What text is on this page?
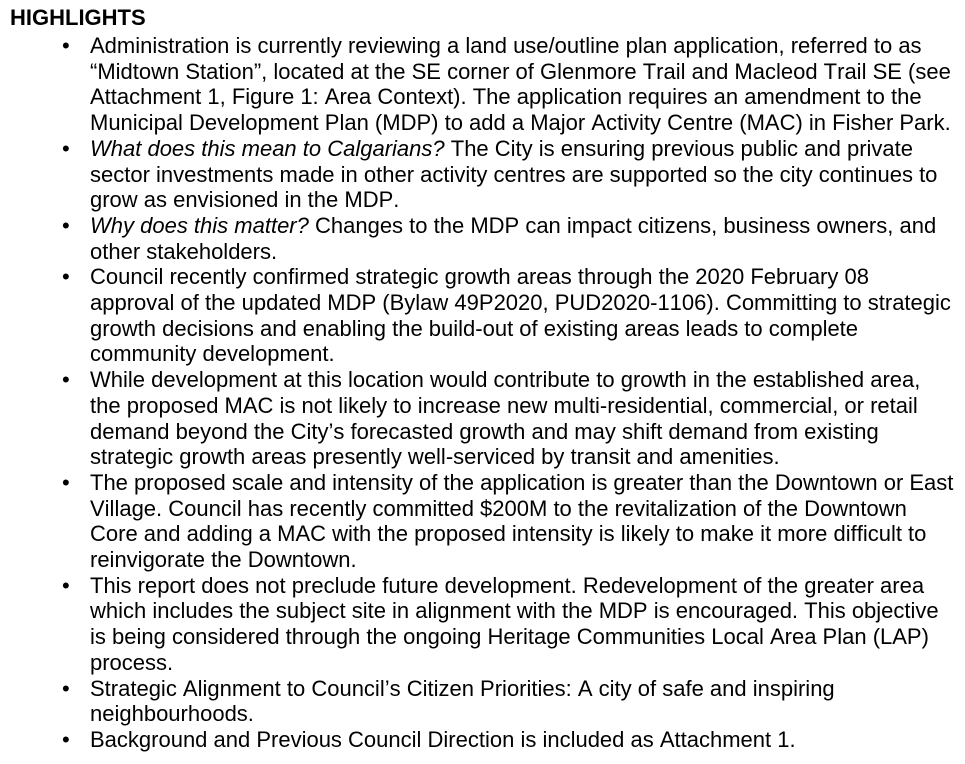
HIGHLIGHTS
• Administration is currently reviewing a land use/outline plan application, referred to as
“Midtown Station”, located at the SE corner of Glenmore Trail and Macleod Trail SE (see
Attachment 1, Figure 1: Area Context). The application requires an amendment to the
Municipal Development Plan (MDP) to add a Major Activity Centre (MAC) in Fisher Park.
• What does this mean to Calgarians? The City is ensuring previous public and private
sector investments made in other activity centres are supported so the city continues to
grow as envisioned in the MDP.
• Why does this matter? Changes to the MDP can impact citizens, business owners, and
other stakeholders.
• Council recently confirmed strategic growth areas through the 2020 February 08
approval of the updated MDP (Bylaw 49P2020, PUD2020-1106). Committing to strategic
growth decisions and enabling the build-out of existing areas leads to complete
community development.
• While development at this location would contribute to growth in the established area,
the proposed MAC is not likely to increase new multi-residential, commercial, or retail
demand beyond the City’s forecasted growth and may shift demand from existing
strategic growth areas presently well-serviced by transit and amenities.
• The proposed scale and intensity of the application is greater than the Downtown or East
Village. Council has recently committed $200M to the revitalization of the Downtown
Core and adding a MAC with the proposed intensity is likely to make it more difficult to
reinvigorate the Downtown.
• This report does not preclude future development. Redevelopment of the greater area
which includes the subject site in alignment with the MDP is encouraged. This objective
is being considered through the ongoing Heritage Communities Local Area Plan (LAP)
process.
• Strategic Alignment to Council’s Citizen Priorities: A city of safe and inspiring
neighbourhoods.
• Background and Previous Council Direction is included as Attachment 1.
